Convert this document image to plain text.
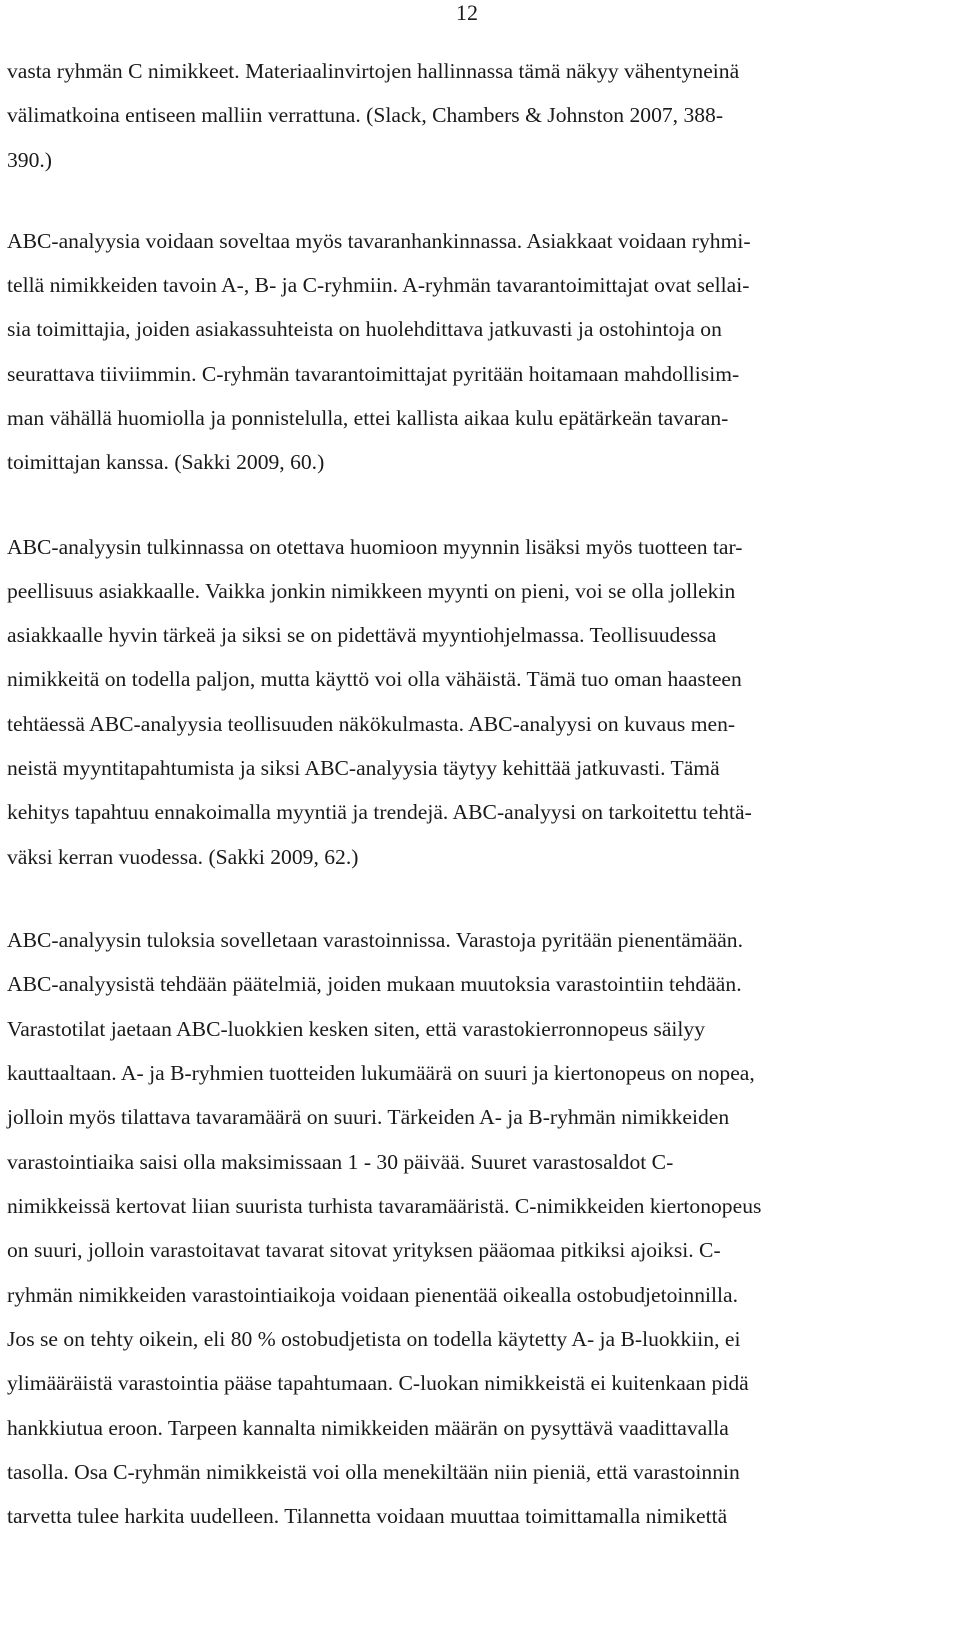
12
vasta ryhmän C nimikkeet. Materiaalinvirtojen hallinnassa tämä näkyy vähentyneinä
välimatkoina entiseen malliin verrattuna. (Slack, Chambers & Johnston 2007, 388-
390.)
ABC-analyysia voidaan soveltaa myös tavaranhankinnassa. Asiakkaat voidaan ryhmi-
tellä nimikkeiden tavoin A-, B- ja C-ryhmiin. A-ryhmän tavarantoimittajat ovat sellai-
sia toimittajia, joiden asiakassuhteista on huolehdittava jatkuvasti ja ostohintoja on
seurattava tiiviimmin. C-ryhmän tavarantoimittajat pyritään hoitamaan mahdollisim-
man vähällä huomiolla ja ponnistelulla, ettei kallista aikaa kulu epätärkeän tavaran-
toimittajan kanssa. (Sakki 2009, 60.)
ABC-analyysin tulkinnassa on otettava huomioon myynnin lisäksi myös tuotteen tar-
peellisuus asiakkaalle. Vaikka jonkin nimikkeen myynti on pieni, voi se olla jollekin
asiakkaalle hyvin tärkeä ja siksi se on pidettävä myyntiohjelmassa. Teollisuudessa
nimikkeitä on todella paljon, mutta käyttö voi olla vähäistä. Tämä tuo oman haasteen
tehtäessä ABC-analyysia teollisuuden näkökulmasta. ABC-analyysi on kuvaus men-
neistä myyntitapahtumista ja siksi ABC-analyysia täytyy kehittää jatkuvasti. Tämä
kehitys tapahtuu ennakoimalla myyntiä ja trendejä. ABC-analyysi on tarkoitettu tehtä-
väksi kerran vuodessa. (Sakki 2009, 62.)
ABC-analyysin tuloksia sovelletaan varastoinnissa. Varastoja pyritään pienentämään.
ABC-analyysistä tehdään päätelmiä, joiden mukaan muutoksia varastointiin tehdään.
Varastotilat jaetaan ABC-luokkien kesken siten, että varastokierronnopeus säilyy
kauttaaltaan. A- ja B-ryhmien tuotteiden lukumäärä on suuri ja kiertonopeus on nopea,
jolloin myös tilattava tavaramäärä on suuri. Tärkeiden A- ja B-ryhmän nimikkeiden
varastointiaika saisi olla maksimissaan 1 - 30 päivää. Suuret varastosaldot C-
nimikkeissä kertovat liian suurista turhista tavaramääristä. C-nimikkeiden kiertonopeus
on suuri, jolloin varastoitavat tavarat sitovat yrityksen pääomaa pitkiksi ajoiksi. C-
ryhmän nimikkeiden varastointiaikoja voidaan pienentää oikealla ostobudjetoinnilla.
Jos se on tehty oikein, eli 80 % ostobudjetista on todella käytetty A- ja B-luokkiin, ei
ylimääräistä varastointia pääse tapahtumaan. C-luokan nimikkeistä ei kuitenkaan pidä
hankkiutua eroon. Tarpeen kannalta nimikkeiden määrän on pysyttävä vaadittavalla
tasolla. Osa C-ryhmän nimikkeistä voi olla menekiltään niin pieniä, että varastoinnin
tarvetta tulee harkita uudelleen. Tilannetta voidaan muuttaa toimittamalla nimikettä
